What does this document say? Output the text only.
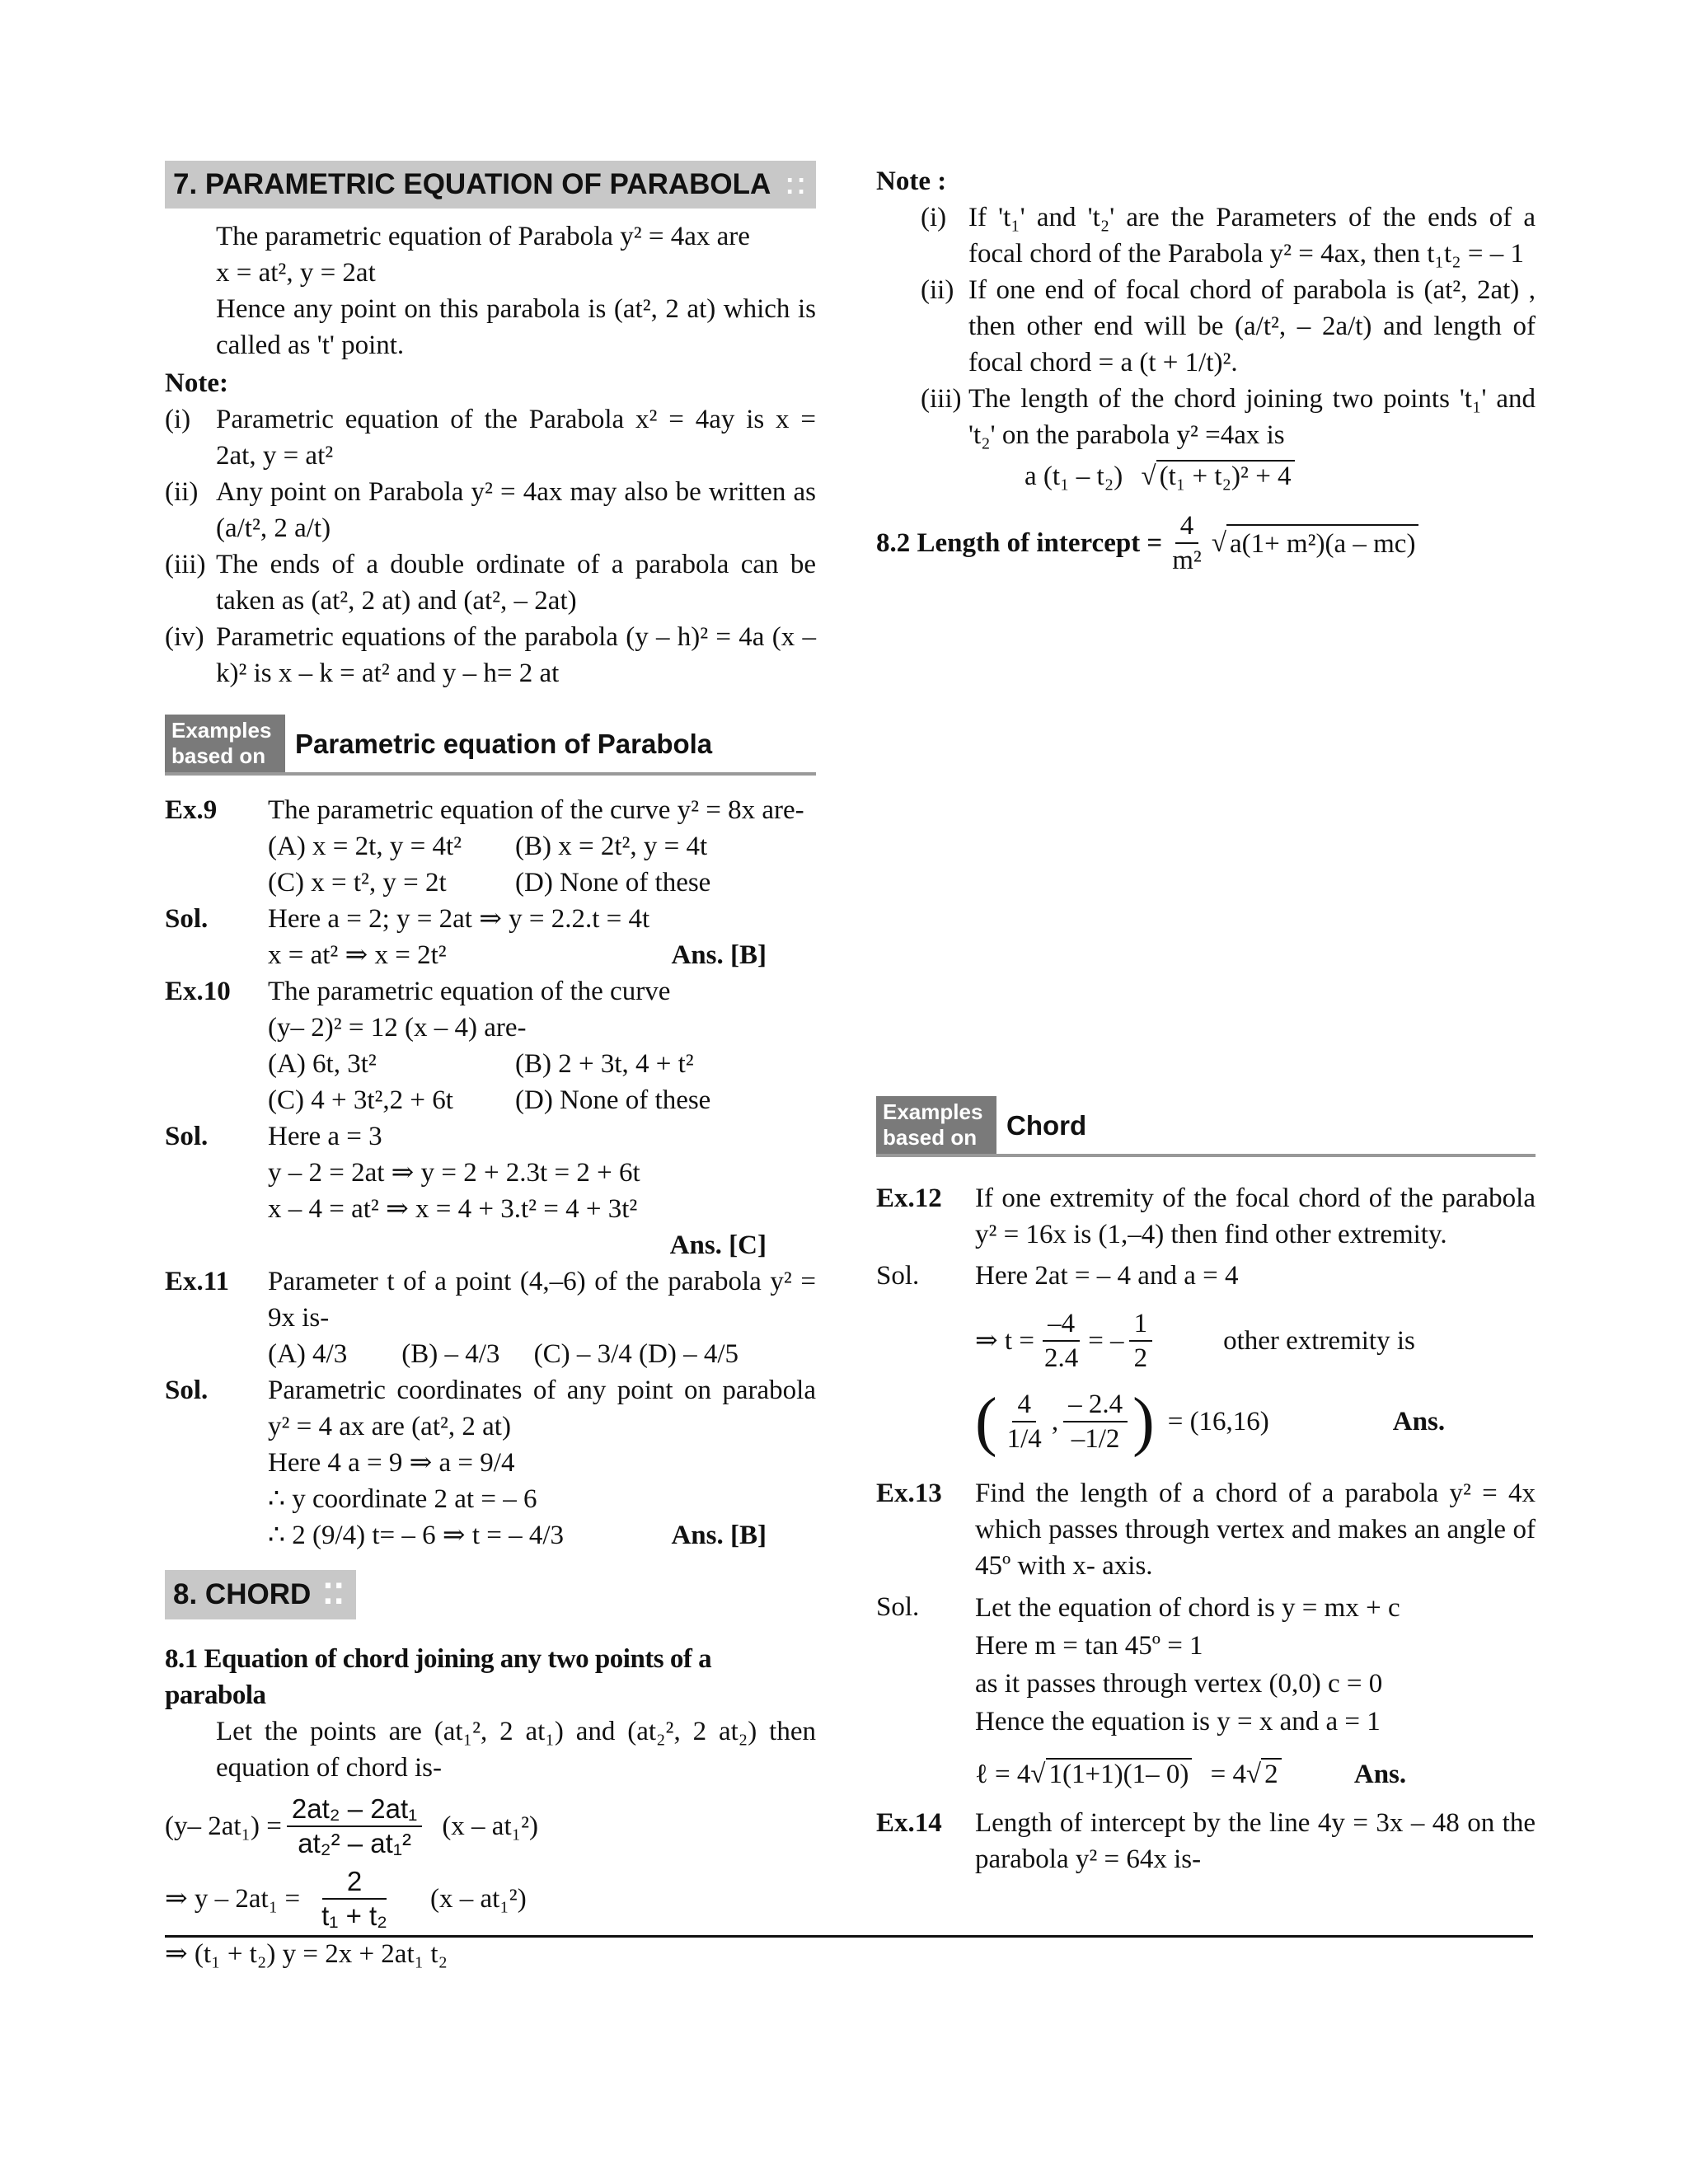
7. PARAMETRIC EQUATION OF PARABOLA ⁚⁚
The parametric equation of Parabola y² = 4ax are
x = at², y = 2at
Hence any point on this parabola is (at², 2 at) which is called as 't' point.
Note:
(i) Parametric equation of the Parabola x² = 4ay is x = 2at, y = at²
(ii) Any point on Parabola y² = 4ax may also be written as (a/t², 2 a/t)
(iii) The ends of a double ordinate of a parabola can be taken as (at², 2 at) and (at², – 2at)
(iv) Parametric equations of the parabola (y – h)² = 4a (x – k)² is x – k = at² and y – h= 2 at
Examples based on	Parametric equation of Parabola
Ex.9	The parametric equation of the curve y² = 8x are-
(A) x = 2t, y = 4t²	(B) x = 2t², y = 4t
(C) x = t², y = 2t	(D) None of these
Sol.	Here a = 2; y = 2at ⇒ y = 2.2.t = 4t
x = at² ⇒ x = 2t²	Ans. [B]
Ex.10	The parametric equation of the curve
(y– 2)² = 12 (x – 4) are-
(A) 6t, 3t²	(B) 2 + 3t, 4 + t²
(C) 4 + 3t²,2 + 6t	(D) None of these
Sol.	Here a = 3
y – 2 = 2at ⇒ y = 2 + 2.3t = 2 + 6t
x – 4 = at² ⇒ x = 4 + 3.t² = 4 + 3t²
Ans. [C]
Ex.11	Parameter t of a point (4,–6) of the parabola y² = 9x is-
(A) 4/3        (B) – 4/3     (C) – 3/4 (D) – 4/5
Sol.	Parametric coordinates of any point on parabola y² = 4 ax are (at², 2 at)
Here 4 a = 9 ⇒ a = 9/4
∴ y coordinate 2 at = – 6
∴ 2 (9/4) t= – 6 ⇒ t = – 4/3	Ans. [B]
8. CHORD ⁚⁚
8.1 Equation of chord joining any two points of a parabola
Let the points are (at₁², 2 at₁) and (at₂², 2 at₂) then equation of chord is-
(y– $2at_1) = \frac{\text{2at₂ – 2at₁}}{\text{at₂² – at₁²}} (x - at_1^2)$
⇒ $y - 2at_1 = \frac{2}{\text{t₁ + t₂}} (x - at_1^2)$
⇒ (t₁ + t₂) y = 2x + 2at₁ t₂
Note :
(i) If 't₁' and 't₂' are the Parameters of the ends of a focal chord of the Parabola y² = 4ax, then t₁t₂ = – 1
(ii) If one end of focal chord of parabola is (at², 2at) , then other end will be (a/t², – 2a/t) and length of focal chord = a (t + 1/t)².
(iii) The length of the chord joining two points 't₁' and 't₂' on the parabola y² =4ax is
a (t₁ – t₂) √ (t₁ + t₂)² + 4
8.2 Length of intercept = $\frac{4}{\text{m²}}$ √ a(1+ m²)(a – mc)
Examples based on	Chord
Ex.12	If one extremity of the focal chord of the parabola y² = 16x is (1,–4) then find other extremity.
Sol.	Here 2at = – 4 and a = 4
⇒ $t = \frac{-4}{2.4}$ = – $\frac{1}{2}$	other extremity is
( $\frac{4}{1/4}$ , $\frac{- 2.4}{-1/2}$ ) = (16,16)	Ans.
Ex.13	Find the length of a chord of a parabola y² = 4x which passes through vertex and makes an angle of 45º with x- axis.
Sol.	Let the equation of chord is y = mx + c
Here m = tan 45º = 1
as it passes through vertex (0,0) c = 0
Hence the equation is y = x and a = 1
ℓ = 4√ 1(1+1)(1– 0) = 4√ 2	Ans.
Ex.14	Length of intercept by the line 4y = 3x – 48 on the parabola y² = 64x is-
